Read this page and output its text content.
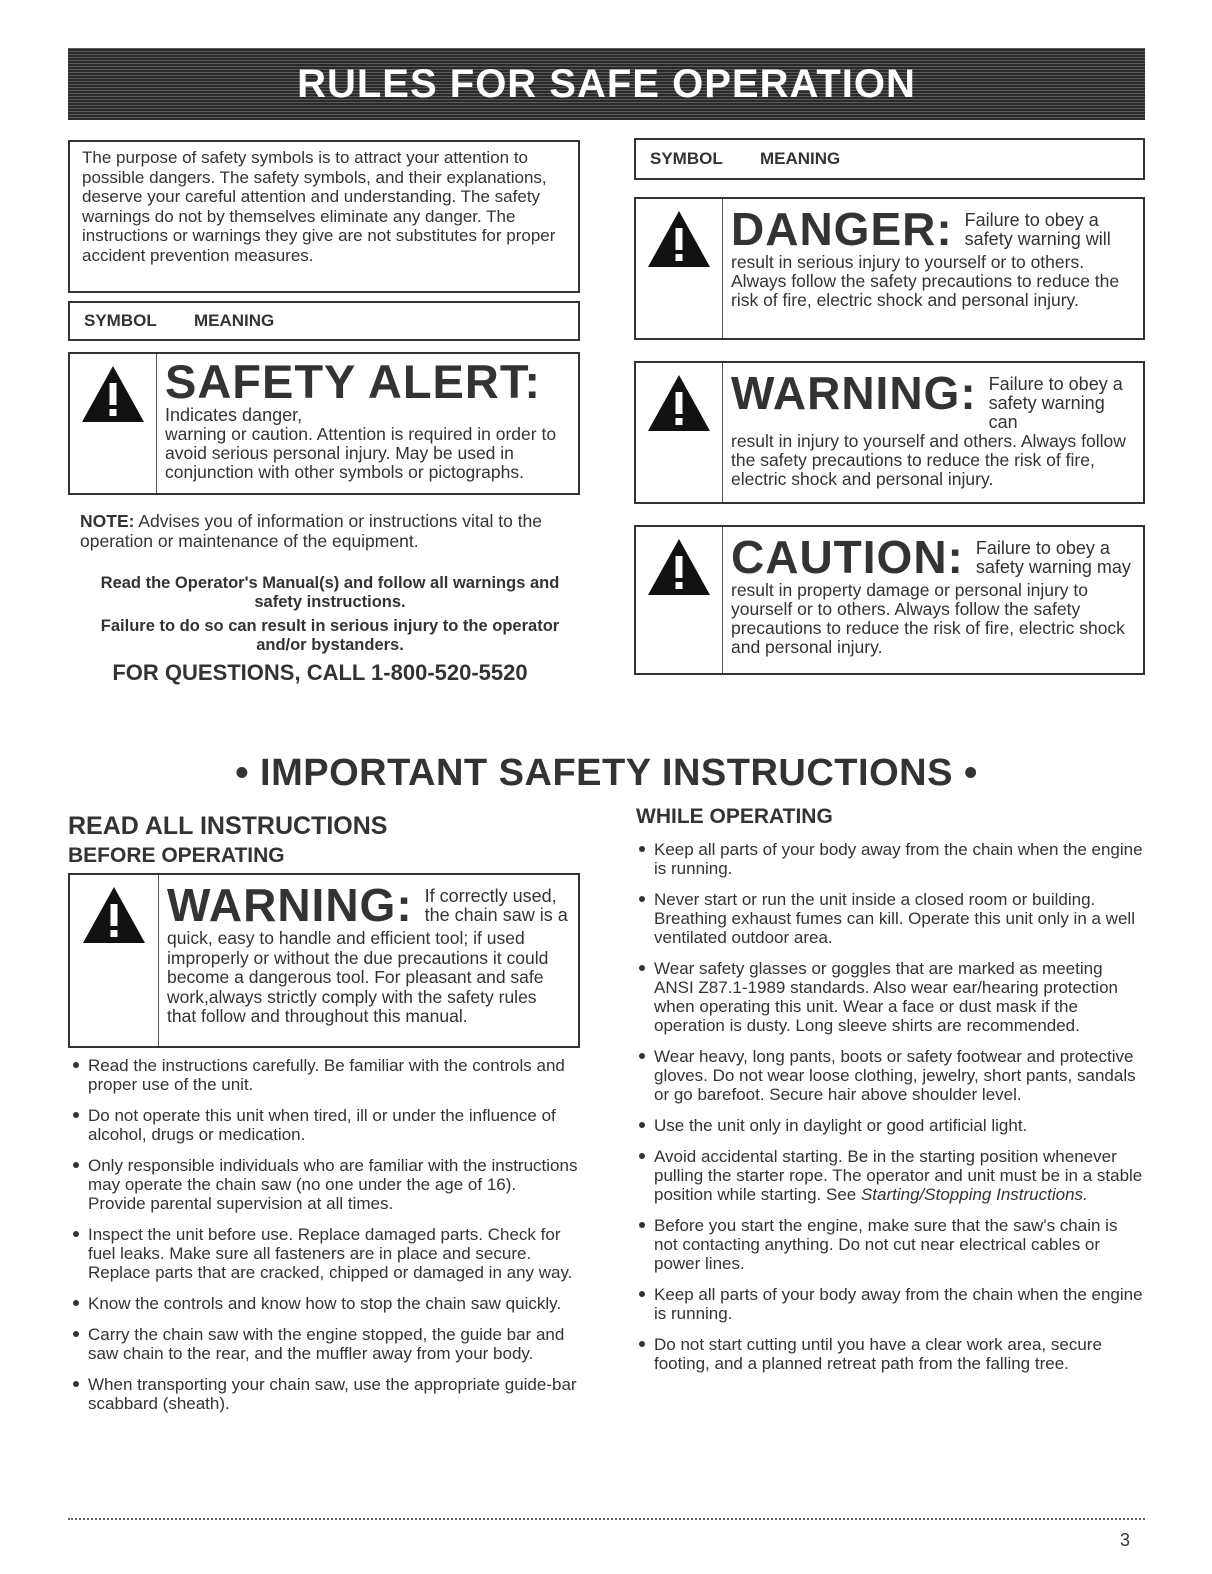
RULES FOR SAFE OPERATION
The purpose of safety symbols is to attract your attention to possible dangers. The safety symbols, and their explanations, deserve your careful attention and understanding. The safety warnings do not by themselves eliminate any danger. The instructions or warnings they give are not substitutes for proper accident prevention measures.
SYMBOL	MEANING
SAFETY ALERT:
Indicates danger,
warning or caution. Attention is required in order to avoid serious personal injury. May be used in conjunction with other symbols or pictographs.
NOTE: Advises you of information or instructions vital to the operation or maintenance of the equipment.
Read the Operator's Manual(s) and follow all warnings and safety instructions.
Failure to do so can result in serious injury to the operator and/or bystanders.
FOR QUESTIONS, CALL 1-800-520-5520
SYMBOL	MEANING
DANGER: Failure to obey a safety warning will
result in serious injury to yourself or to others. Always follow the safety precautions to reduce the risk of fire, electric shock and personal injury.
WARNING: Failure to obey a safety warning can
result in injury to yourself and others. Always follow the safety precautions to reduce the risk of fire, electric shock and personal injury.
CAUTION: Failure to obey a safety warning may
result in property damage or personal injury to yourself or to others. Always follow the safety precautions to reduce the risk of fire, electric shock and personal injury.
• IMPORTANT SAFETY INSTRUCTIONS •
READ ALL INSTRUCTIONS
BEFORE OPERATING
WARNING: If correctly used, the chain saw is a
quick, easy to handle and efficient tool; if used improperly or without the due precautions it could become a dangerous tool. For pleasant and safe work,always strictly comply with the safety rules that follow and throughout this manual.
Read the instructions carefully. Be familiar with the controls and proper use of the unit.
Do not operate this unit when tired, ill or under the influence of alcohol, drugs or medication.
Only responsible individuals who are familiar with the instructions may operate the chain saw (no one under the age of 16). Provide parental supervision at all times.
Inspect the unit before use. Replace damaged parts. Check for fuel leaks. Make sure all fasteners are in place and secure. Replace parts that are cracked, chipped or damaged in any way.
Know the controls and know how to stop the chain saw quickly.
Carry the chain saw with the engine stopped, the guide bar and saw chain to the rear, and the muffler away from your body.
When transporting your chain saw, use the appropriate guide-bar scabbard (sheath).
WHILE OPERATING
Keep all parts of your body away from the chain when the engine is running.
Never start or run the unit inside a closed room or building. Breathing exhaust fumes can kill. Operate this unit only in a well ventilated outdoor area.
Wear safety glasses or goggles that are marked as meeting ANSI Z87.1-1989 standards. Also wear ear/hearing protection when operating this unit. Wear a face or dust mask if the operation is dusty. Long sleeve shirts are recommended.
Wear heavy, long pants, boots or safety footwear and protective gloves. Do not wear loose clothing, jewelry, short pants, sandals or go barefoot. Secure hair above shoulder level.
Use the unit only in daylight or good artificial light.
Avoid accidental starting. Be in the starting position whenever pulling the starter rope. The operator and unit must be in a stable position while starting. See Starting/Stopping Instructions.
Before you start the engine, make sure that the saw's chain is not contacting anything. Do not cut near electrical cables or power lines.
Keep all parts of your body away from the chain when the engine is running.
Do not start cutting until you have a clear work area, secure footing, and a planned retreat path from the falling tree.
3
